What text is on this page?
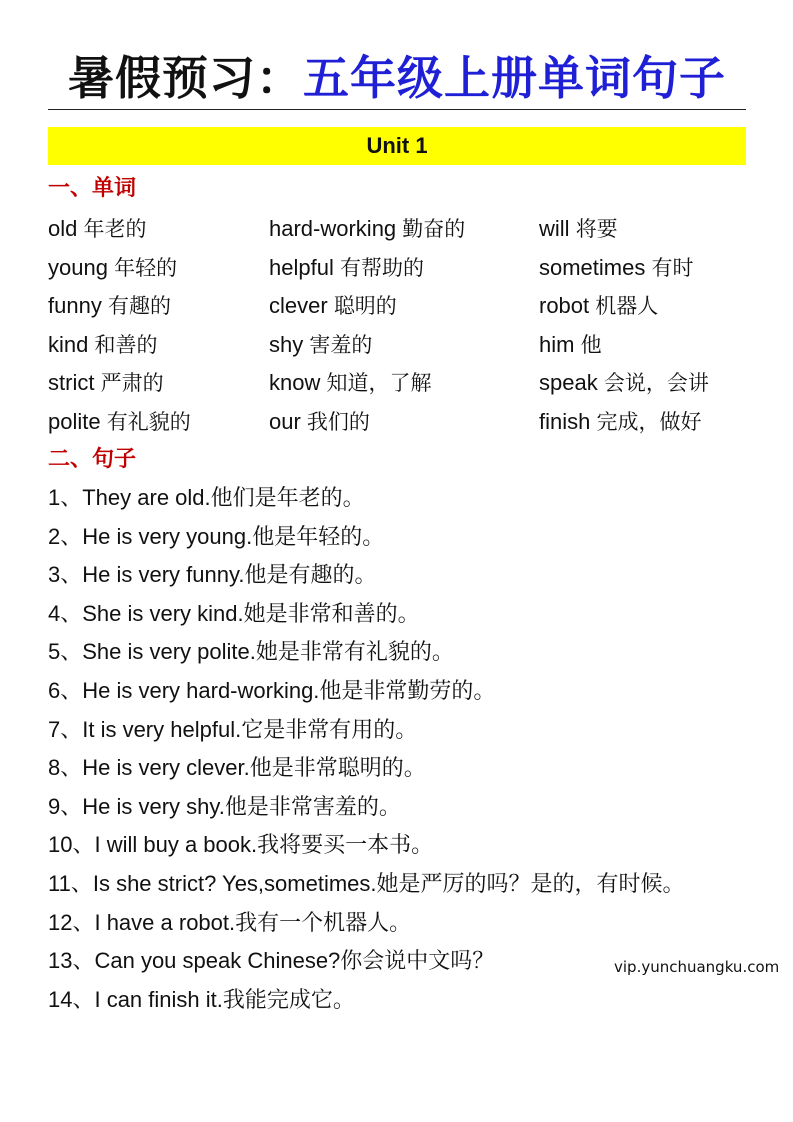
暑假预习：五年级上册单词句子
Unit 1
一、单词
old 年老的	hard-working 勤奋的	will 将要
young 年轻的	helpful 有帮助的	sometimes 有时
funny 有趣的	clever 聪明的	robot 机器人
kind 和善的	shy 害羞的	him 他
strict 严肃的	know 知道，了解	speak 会说，会讲
polite 有礼貌的	our 我们的	finish 完成，做好
二、句子
1、They are old.他们是年老的。
2、He is very young.他是年轻的。
3、He is very funny.他是有趣的。
4、She is very kind.她是非常和善的。
5、She is very polite.她是非常有礼貌的。
6、He is very hard-working.他是非常勤劳的。
7、It is very helpful.它是非常有用的。
8、He is very clever.他是非常聪明的。
9、He is very shy.他是非常害羞的。
10、I will buy a book.我将要买一本书。
11、Is she strict? Yes,sometimes.她是严厉的吗？是的，有时候。
12、I have a robot.我有一个机器人。
13、Can you speak Chinese?你会说中文吗？
14、I can finish it.我能完成它。
vip.yunchuangku.com
